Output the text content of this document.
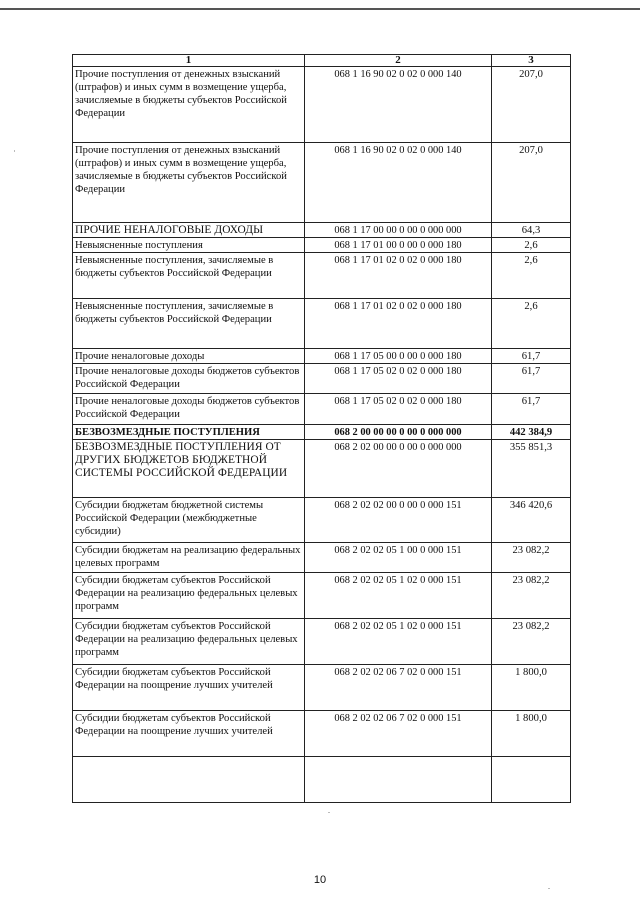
1	2	3
Прочие поступления от денежных взысканий (штрафов) и иных сумм в возмещение ущерба, зачисляемые в бюджеты субъектов Российской Федерации	068 1 16 90 02 0 02 0 000 140	207,0
Прочие поступления от денежных взысканий (штрафов) и иных сумм в возмещение ущерба, зачисляемые в бюджеты субъектов Российской Федерации	068 1 16 90 02 0 02 0 000 140	207,0
ПРОЧИЕ НЕНАЛОГОВЫЕ ДОХОДЫ	068 1 17 00 00 0 00 0 000 000	64,3
Невыясненные поступления	068 1 17 01 00 0 00 0 000 180	2,6
Невыясненные поступления, зачисляемые в бюджеты субъектов Российской Федерации	068 1 17 01 02 0 02 0 000 180	2,6
Невыясненные поступления, зачисляемые в бюджеты субъектов Российской Федерации	068 1 17 01 02 0 02 0 000 180	2,6
Прочие неналоговые доходы	068 1 17 05 00 0 00 0 000 180	61,7
Прочие неналоговые доходы бюджетов субъектов Российской Федерации	068 1 17 05 02 0 02 0 000 180	61,7
Прочие неналоговые доходы бюджетов субъектов Российской Федерации	068 1 17 05 02 0 02 0 000 180	61,7
БЕЗВОЗМЕЗДНЫЕ ПОСТУПЛЕНИЯ	068 2 00 00 00 0 00 0 000 000	442 384,9
БЕЗВОЗМЕЗДНЫЕ ПОСТУПЛЕНИЯ ОТ ДРУГИХ БЮДЖЕТОВ БЮДЖЕТНОЙ СИСТЕМЫ РОССИЙСКОЙ ФЕДЕРАЦИИ	068 2 02 00 00 0 00 0 000 000	355 851,3
Субсидии бюджетам бюджетной системы Российской Федерации (межбюджетные субсидии)	068 2 02 02 00 0 00 0 000 151	346 420,6
Субсидии бюджетам на реализацию федеральных целевых программ	068 2 02 02 05 1 00 0 000 151	23 082,2
Субсидии бюджетам субъектов Российской Федерации на реализацию федеральных целевых программ	068 2 02 02 05 1 02 0 000 151	23 082,2
Субсидии бюджетам субъектов Российской Федерации на реализацию федеральных целевых программ	068 2 02 02 05 1 02 0 000 151	23 082,2
Субсидии бюджетам субъектов Российской Федерации на поощрение лучших учителей	068 2 02 02 06 7 02 0 000 151	1 800,0
Субсидии бюджетам субъектов Российской Федерации на поощрение лучших учителей	068 2 02 02 06 7 02 0 000 151	1 800,0

10
